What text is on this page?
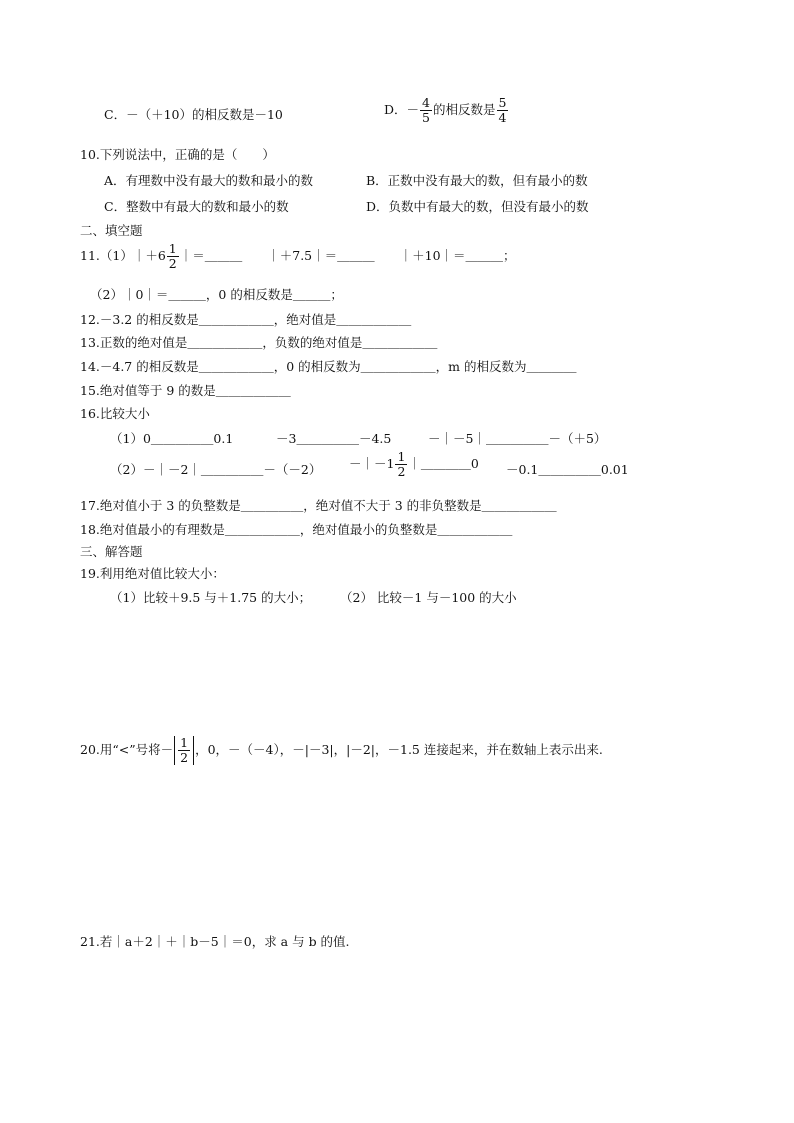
C．－（＋10）的相反数是－10	D．－ $\frac{4}{5}$ 的相反数是 $\frac{5}{4}$
10.下列说法中，正确的是（　　）
A．有理数中没有最大的数和最小的数	B．正数中没有最大的数，但有最小的数
C．整数中有最大的数和最小的数	D．负数中有最大的数，但没有最小的数
二、填空题
11.（1）｜＋6 $\frac{1}{2}$ ｜＝＿＿＿　　｜＋7.5｜＝＿＿＿　　｜＋10｜＝＿＿＿；
（2）｜0｜＝＿＿＿，0 的相反数是＿＿＿；
12.－3.2 的相反数是＿＿＿＿＿＿，绝对值是＿＿＿＿＿＿
13.正数的绝对值是＿＿＿＿＿＿，负数的绝对值是＿＿＿＿＿＿
14.－4.7 的相反数是＿＿＿＿＿＿，0 的相反数为＿＿＿＿＿＿，m 的相反数为＿＿＿＿
15.绝对值等于 9 的数是＿＿＿＿＿＿
16.比较大小
（1）0＿＿＿＿＿0.1	－3＿＿＿＿＿－4.5	－｜－5｜＿＿＿＿＿－（＋5）
（2）－｜－2｜＿＿＿＿＿－（－2） －｜－1 $\frac{1}{2}$ ｜＿＿＿＿0 －0.1＿＿＿＿＿0.01
17.绝对值小于 3 的负整数是＿＿＿＿＿，绝对值不大于 3 的非负整数是＿＿＿＿＿＿
18.绝对值最小的有理数是＿＿＿＿＿＿，绝对值最小的负整数是＿＿＿＿＿＿
三、解答题
19.利用绝对值比较大小：
（1）比较＋9.5 与＋1.75 的大小； （2） 比较－1 与－100 的大小
20.用“<”号将－ $\frac{1}{2}$ ，0，－（－4），－|－3|，|－2|，－1.5 连接起来，并在数轴上表示出来.
21.若｜a＋2｜＋｜b－5｜＝0，求 a 与 b 的值.
